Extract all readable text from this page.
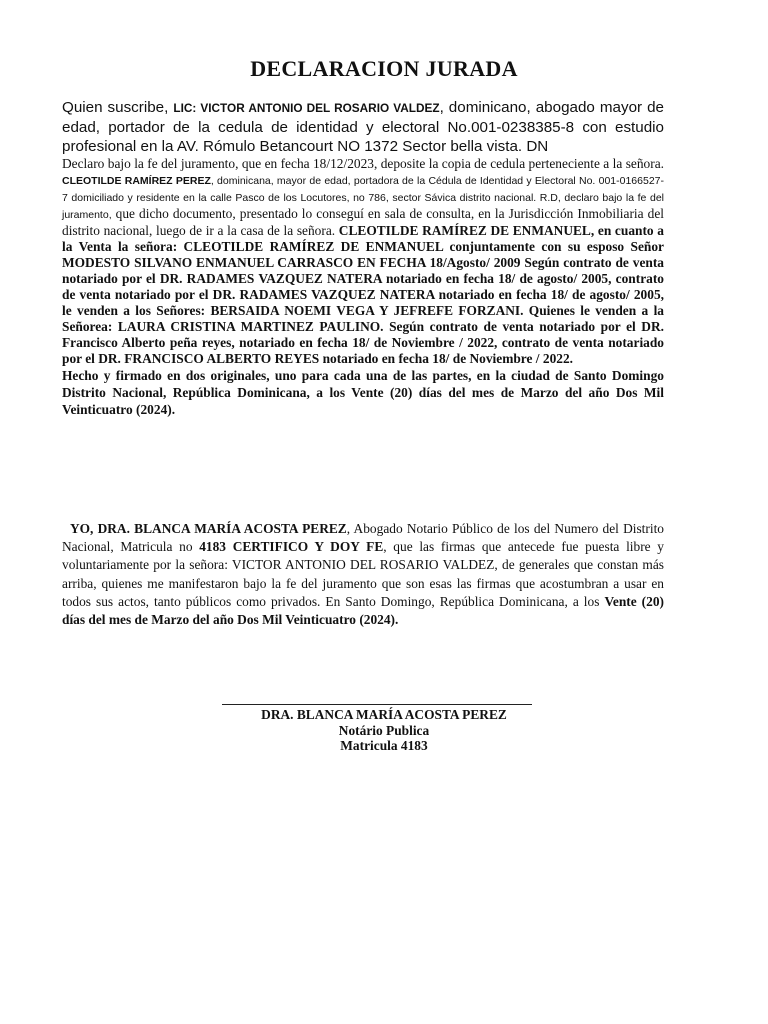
DECLARACION JURADA

Quien suscribe, LIC: VICTOR ANTONIO DEL ROSARIO VALDEZ, dominicano, abogado mayor de edad, portador de la cedula de identidad y electoral No.001-0238385-8 con estudio profesional en la AV. Rómulo Betancourt NO 1372 Sector bella vista. DN

Declaro bajo la fe del juramento, que en fecha 18/12/2023, deposite la copia de cedula perteneciente a la señora. CLEOTILDE RAMÍREZ PEREZ, dominicana, mayor de edad, portadora de la Cédula de Identidad y Electoral No. 001-0166527-7 domiciliado y residente en la calle Pasco de los Locutores, no 786, sector Sávica distrito nacional. R.D, declaro bajo la fe del juramento, que dicho documento, presentado lo conseguí en sala de consulta, en la Jurisdicción Inmobiliaria del distrito nacional, luego de ir a la casa de la señora. CLEOTILDE RAMÍREZ DE ENMANUEL, en cuanto a la Venta la señora: CLEOTILDE RAMÍREZ DE ENMANUEL conjuntamente con su esposo Señor MODESTO SILVANO ENMANUEL CARRASCO EN FECHA 18/Agosto/ 2009 Según contrato de venta notariado por el DR. RADAMES VAZQUEZ NATERA notariado en fecha 18/ de agosto/ 2005, contrato de venta notariado por el DR. RADAMES VAZQUEZ NATERA notariado en fecha 18/ de agosto/ 2005, le venden a los Señores: BERSAIDA NOEMI VEGA Y JEFREFE FORZANI. Quienes le venden a la Señorea: LAURA CRISTINA MARTINEZ PAULINO. Según contrato de venta notariado por el DR. Francisco Alberto peña reyes, notariado en fecha 18/ de Noviembre / 2022, contrato de venta notariado por el DR. FRANCISCO ALBERTO REYES notariado en fecha 18/ de Noviembre / 2022.

Hecho y firmado en dos originales, uno para cada una de las partes, en la ciudad de Santo Domingo Distrito Nacional, República Dominicana, a los Vente (20) días del mes de Marzo del año Dos Mil Veinticuatro (2024).

YO, DRA. BLANCA MARÍA ACOSTA PEREZ, Abogado Notario Público de los del Numero del Distrito Nacional, Matricula no 4183 CERTIFICO Y DOY FE, que las firmas que antecede fue puesta libre y voluntariamente por la señora: VICTOR ANTONIO DEL ROSARIO VALDEZ, de generales que constan más arriba, quienes me manifestaron bajo la fe del juramento que son esas las firmas que acostumbran a usar en todos sus actos, tanto públicos como privados. En Santo Domingo, República Dominicana, a los Vente (20) días del mes de Marzo del año Dos Mil Veinticuatro (2024).
DRA. BLANCA MARÍA ACOSTA PEREZ
Notário Publica
Matricula 4183
